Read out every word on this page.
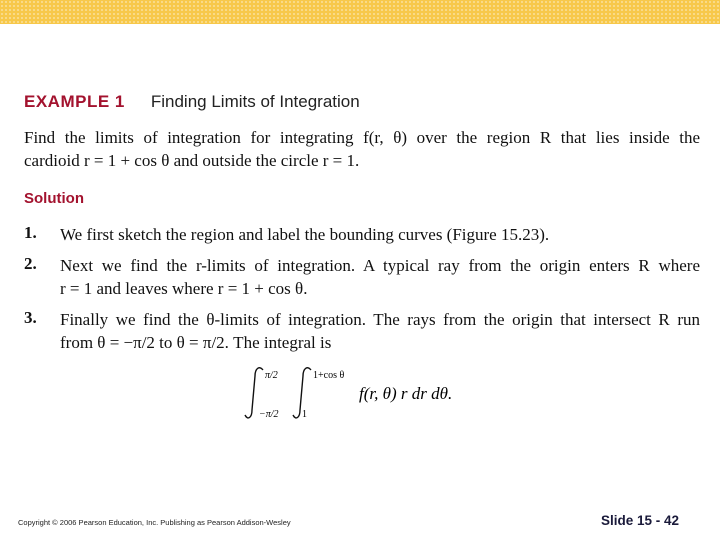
EXAMPLE 1 Finding Limits of Integration
Find the limits of integration for integrating f(r, θ) over the region R that lies inside the
cardioid r = 1 + cos θ and outside the circle r = 1.
Solution
1. We first sketch the region and label the bounding curves (Figure 15.23).
2. Next we find the r-limits of integration. A typical ray from the origin enters R where
r = 1 and leaves where r = 1 + cos θ.
3. Finally we find the θ-limits of integration. The rays from the origin that intersect R run
from θ = −π/2 to θ = π/2. The integral is
π/2
−π/2
1+cos θ
1
f(r, θ) r dr dθ.
Copyright © 2006 Pearson Education, Inc. Publishing as Pearson Addison-Wesley	Slide 15 - 42
